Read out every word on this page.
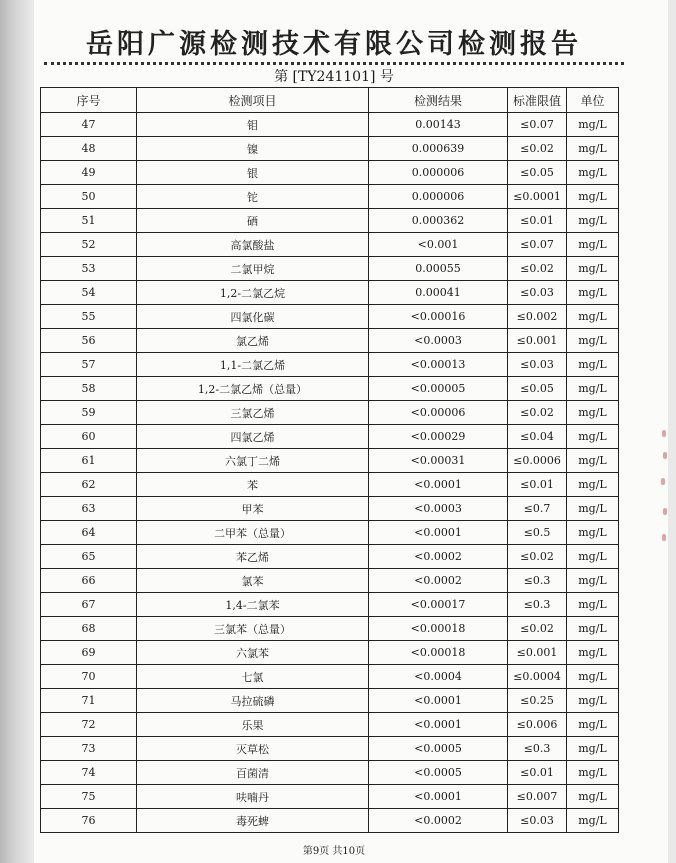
岳阳广源检测技术有限公司检测报告
第 [TY241101] 号
序号	检测项目	检测结果	标准限值	单位
47	钼	0.00143	≤0.07	mg/L
48	镍	0.000639	≤0.02	mg/L
49	银	0.000006	≤0.05	mg/L
50	铊	0.000006	≤0.0001	mg/L
51	硒	0.000362	≤0.01	mg/L
52	高氯酸盐	<0.001	≤0.07	mg/L
53	二氯甲烷	0.00055	≤0.02	mg/L
54	1,2-二氯乙烷	0.00041	≤0.03	mg/L
55	四氯化碳	<0.00016	≤0.002	mg/L
56	氯乙烯	<0.0003	≤0.001	mg/L
57	1,1-二氯乙烯	<0.00013	≤0.03	mg/L
58	1,2-二氯乙烯（总量）	<0.00005	≤0.05	mg/L
59	三氯乙烯	<0.00006	≤0.02	mg/L
60	四氯乙烯	<0.00029	≤0.04	mg/L
61	六氯丁二烯	<0.00031	≤0.0006	mg/L
62	苯	<0.0001	≤0.01	mg/L
63	甲苯	<0.0003	≤0.7	mg/L
64	二甲苯（总量）	<0.0001	≤0.5	mg/L
65	苯乙烯	<0.0002	≤0.02	mg/L
66	氯苯	<0.0002	≤0.3	mg/L
67	1,4-二氯苯	<0.00017	≤0.3	mg/L
68	三氯苯（总量）	<0.00018	≤0.02	mg/L
69	六氯苯	<0.00018	≤0.001	mg/L
70	七氯	<0.0004	≤0.0004	mg/L
71	马拉硫磷	<0.0001	≤0.25	mg/L
72	乐果	<0.0001	≤0.006	mg/L
73	灭草松	<0.0005	≤0.3	mg/L
74	百菌清	<0.0005	≤0.01	mg/L
75	呋喃丹	<0.0001	≤0.007	mg/L
76	毒死蜱	<0.0002	≤0.03	mg/L
第9页 共10页
